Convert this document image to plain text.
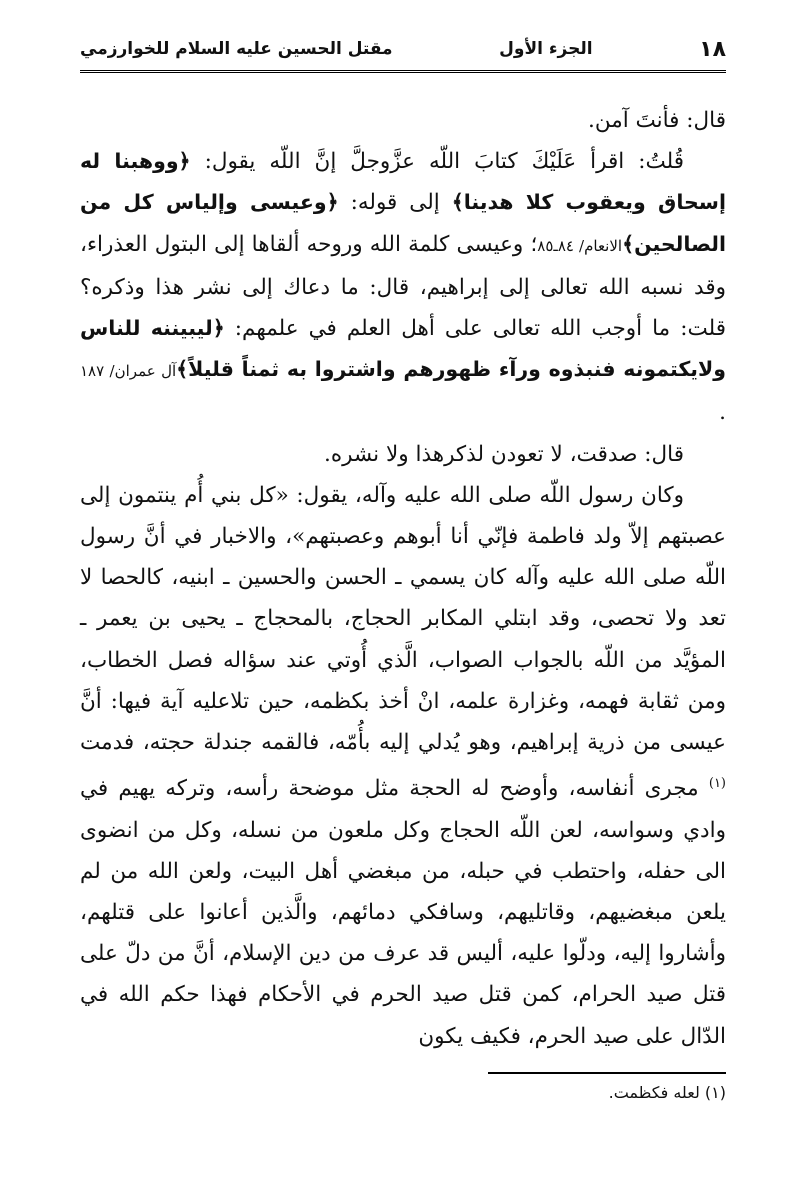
١٨
الجزء الأول
مقتل الحسين عليه السلام للخوارزمي

قال: فأنتَ آمن.

قُلتُ: اقرأ عَلَيْكَ كتابَ اللّه عزَّوجلَّ إنَّ اللّه يقول: ﴿ووهبنا له إسحاق ويعقوب كلا هدينا﴾ إلى قوله: ﴿وعيسى وإلياس كل من الصالحين﴾الانعام/ ٨٤ـ٨٥؛ وعيسى كلمة الله وروحه ألقاها إلى البتول العذراء، وقد نسبه الله تعالى إلى إبراهيم، قال: ما دعاك إلى نشر هذا وذكره؟ قلت: ما أوجب الله تعالى على أهل العلم في علمهم: ﴿ليبيننه للناس ولايكتمونه فنبذوه ورآء ظهورهم واشتروا به ثمناً قليلاً﴾آل عمران/ ١٨٧ .

قال: صدقت، لا تعودن لذكرهذا ولا نشره.

وكان رسول اللّه صلى الله عليه وآله، يقول: «كل بني أُم ينتمون إلى عصبتهم إلاّ ولد فاطمة فإنّي أنا أبوهم وعصبتهم»، والاخبار في أنَّ رسول اللّه صلى الله عليه وآله كان يسمي ـ الحسن والحسين ـ ابنيه، كالحصا لا تعد ولا تحصى، وقد ابتلي المكابر الحجاج، بالمحجاج ـ يحيى بن يعمر ـ المؤيَّد من اللّه بالجواب الصواب، الَّذي أُوتي عند سؤاله فصل الخطاب، ومن ثقابة فهمه، وغزارة علمه، انْ أخذ بكظمه، حين تلاعليه آية فيها: أنَّ عيسى من ذرية إبراهيم، وهو يُدلي إليه بأُمّه، فالقمه جندلة حجته، فدمت $^{(١)}$ مجرى أنفاسه، وأوضح له الحجة مثل موضحة رأسه، وتركه يهيم في وادي وسواسه، لعن اللّه الحجاج وكل ملعون من نسله، وكل من انضوى الى حفله، واحتطب في حبله، من مبغضي أهل البيت، ولعن الله من لم يلعن مبغضيهم، وقاتليهم، وسافكي دمائهم، والَّذين أعانوا على قتلهم، وأشاروا إليه، ودلّوا عليه، أليس قد عرف من دين الإسلام، أنَّ من دلّ على قتل صيد الحرام، كمن قتل صيد الحرم في الأحكام فهذا حكم الله في الدّال على صيد الحرم، فكيف يكون

(١) لعله فكظمت.
